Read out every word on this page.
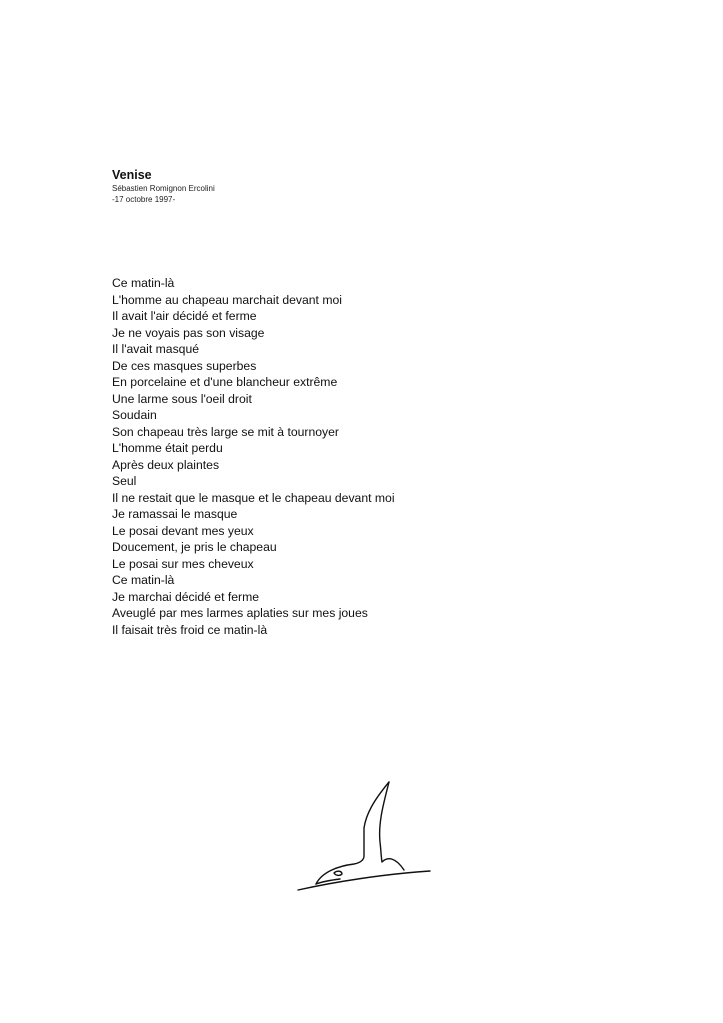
Venise

Sébastien Romignon Ercolini

-17 octobre 1997-

Ce matin-là
L'homme au chapeau marchait devant moi
Il avait l'air décidé et ferme
Je ne voyais pas son visage
Il l'avait masqué
De ces masques superbes
En porcelaine et d'une blancheur extrême
Une larme sous l'oeil droit
Soudain
Son chapeau très large se mit à tournoyer
L'homme était perdu
Après deux plaintes
Seul
Il ne restait que le masque et le chapeau devant moi
Je ramassai le masque
Le posai devant mes yeux
Doucement, je pris le chapeau
Le posai sur mes cheveux
Ce matin-là
Je marchai décidé et ferme
Aveuglé par mes larmes aplaties sur mes joues
Il faisait très froid ce matin-là
